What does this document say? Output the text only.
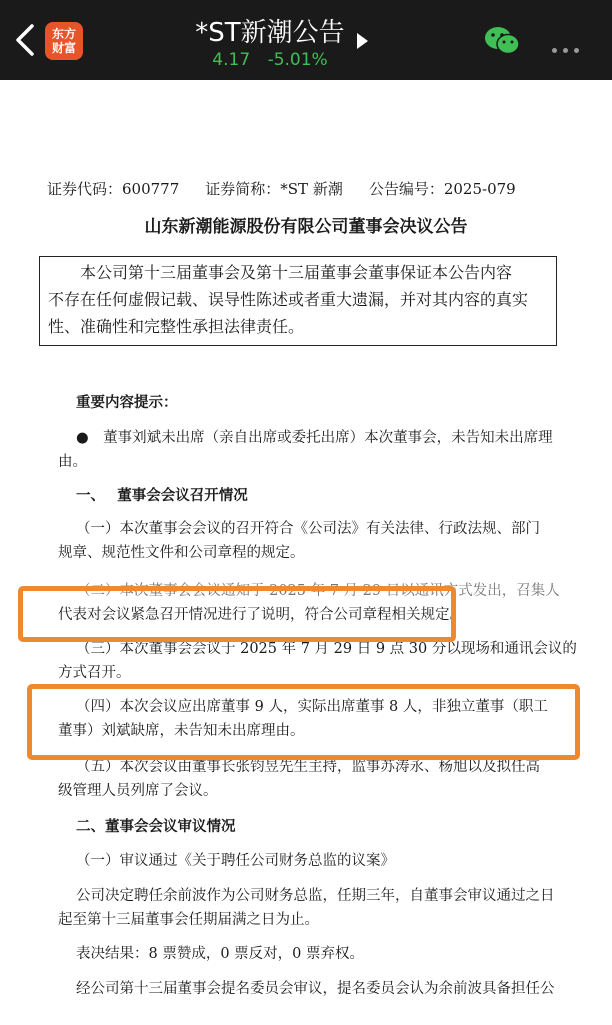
东方
财富	*ST新潮公告
4.17 -5.01%
证券代码：600777 证券简称：*ST 新潮 公告编号：2025-079
山东新潮能源股份有限公司董事会决议公告
　　本公司第十三届董事会及第十三届董事会董事保证本公告内容
不存在任何虚假记载、误导性陈述或者重大遗漏，并对其内容的真实
性、准确性和完整性承担法律责任。
重要内容提示：
●　董事刘斌未出席（亲自出席或委托出席）本次董事会，未告知未出席理
由。
一、　 董事会会议召开情况
（一）本次董事会会议的召开符合《公司法》有关法律、行政法规、部门
规章、规范性文件和公司章程的规定。
（二）本次董事会会议通知于 2025 年 7 月 29 日以通讯方式发出，召集人
代表对会议紧急召开情况进行了说明，符合公司章程相关规定。
（三）本次董事会会议于 2025 年 7 月 29 日 9 点 30 分以现场和通讯会议的
方式召开。
（四）本次会议应出席董事 9 人，实际出席董事 8 人，非独立董事（职工
董事）刘斌缺席，未告知未出席理由。
（五）本次会议由董事长张钧昱先生主持，监事苏涛永、杨旭以及拟任高
级管理人员列席了会议。
二、董事会会议审议情况
（一）审议通过《关于聘任公司财务总监的议案》
公司决定聘任余前波作为公司财务总监，任期三年，自董事会审议通过之日
起至第十三届董事会任期届满之日为止。
表决结果：8 票赞成，0 票反对，0 票弃权。
经公司第十三届董事会提名委员会审议，提名委员会认为余前波具备担任公
